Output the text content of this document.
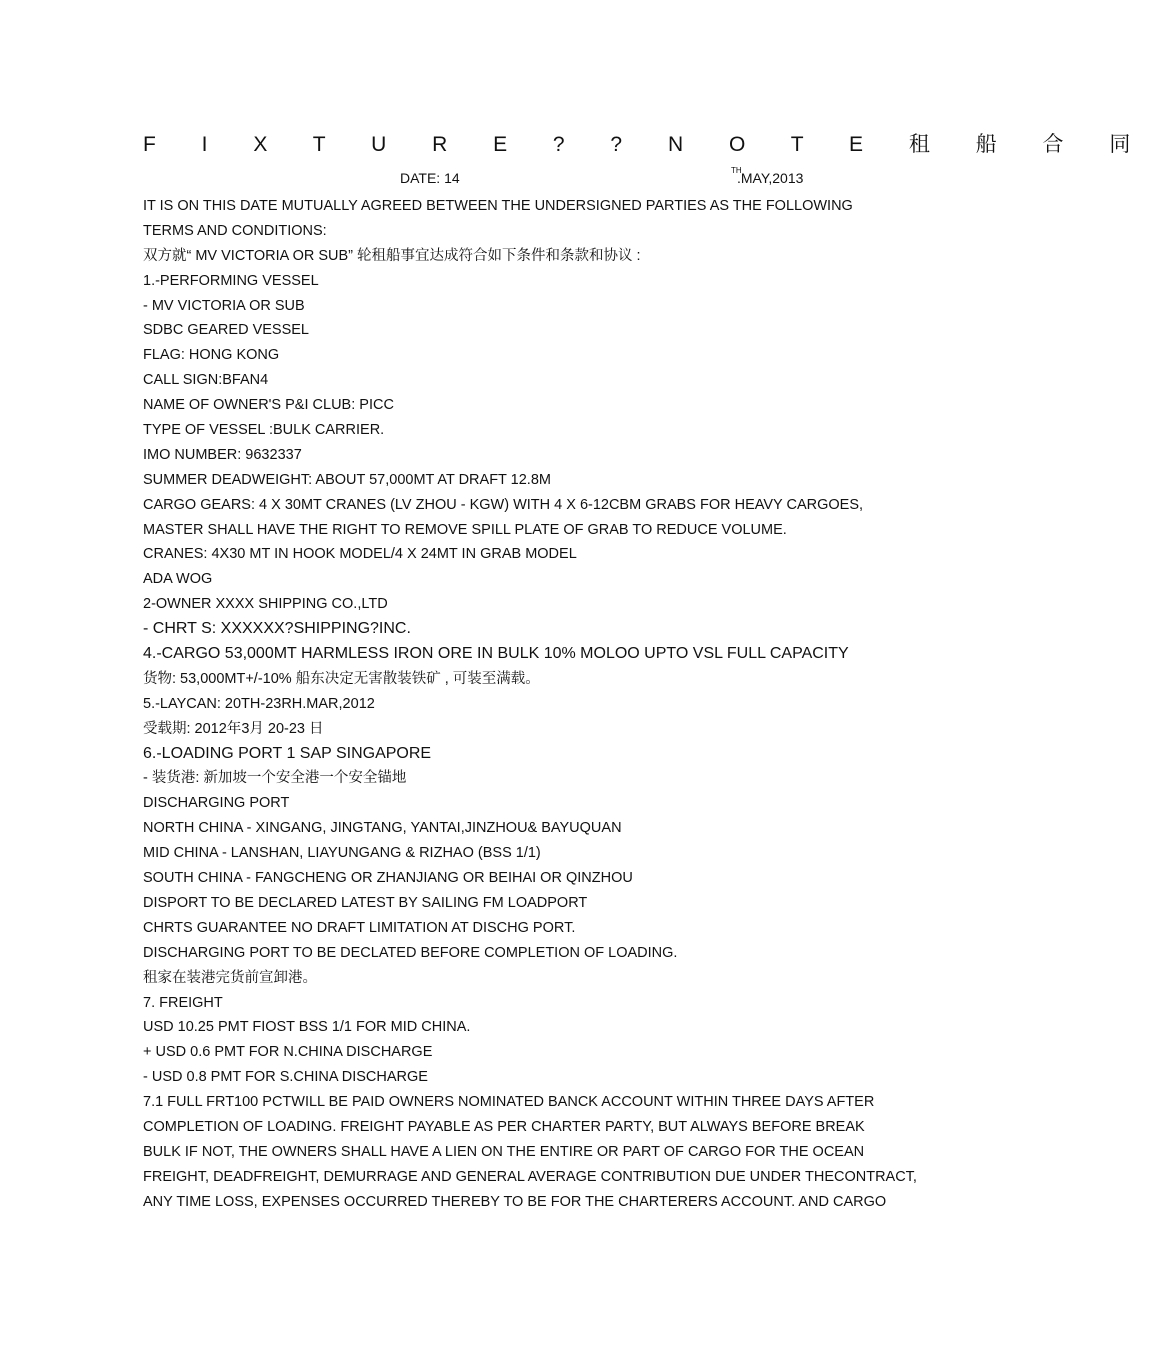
F I X T U R E ? ? N O T E 租 船 合 同
DATE: 14	TH
.MAY,2013
IT IS ON THIS DATE MUTUALLY AGREED BETWEEN THE UNDERSIGNED PARTIES AS THE FOLLOWING
TERMS AND CONDITIONS:
双方就“ MV VICTORIA OR SUB” 轮租船事宜达成符合如下条件和条款和协议 :
1.-PERFORMING VESSEL
- MV VICTORIA OR SUB
SDBC GEARED VESSEL
FLAG: HONG KONG
CALL SIGN:BFAN4
NAME OF OWNER'S P&I CLUB: PICC
TYPE OF VESSEL :BULK CARRIER.
IMO NUMBER: 9632337
SUMMER DEADWEIGHT: ABOUT 57,000MT AT DRAFT 12.8M
CARGO GEARS: 4 X 30MT CRANES (LV ZHOU - KGW) WITH 4 X 6-12CBM GRABS FOR HEAVY CARGOES,
MASTER SHALL HAVE THE RIGHT TO REMOVE SPILL PLATE OF GRAB TO REDUCE VOLUME.
CRANES: 4X30 MT IN HOOK MODEL/4 X 24MT IN GRAB MODEL
ADA WOG
2-OWNER XXXX SHIPPING CO.,LTD
- CHRT S: XXXXXX?SHIPPING?INC.
4.-CARGO 53,000MT HARMLESS IRON ORE IN BULK 10% MOLOO UPTO VSL FULL CAPACITY
货物: 53,000MT+/-10% 船东决定无害散装铁矿 , 可装至满载。
5.-LAYCAN: 20TH-23RH.MAR,2012
受载期: 2012年3月 20-23 日
6.-LOADING PORT 1 SAP SINGAPORE
- 装货港: 新加坡一个安全港一个安全锚地
DISCHARGING PORT
NORTH CHINA - XINGANG, JINGTANG, YANTAI,JINZHOU& BAYUQUAN
MID CHINA - LANSHAN, LIAYUNGANG & RIZHAO (BSS 1/1)
SOUTH CHINA - FANGCHENG OR ZHANJIANG OR BEIHAI OR QINZHOU
DISPORT TO BE DECLARED LATEST BY SAILING FM LOADPORT
CHRTS GUARANTEE NO DRAFT LIMITATION AT DISCHG PORT.
DISCHARGING PORT TO BE DECLATED BEFORE COMPLETION OF LOADING.
租家在装港完货前宣卸港。
7. FREIGHT
USD 10.25 PMT FIOST BSS 1/1 FOR MID CHINA.
+ USD 0.6 PMT FOR N.CHINA DISCHARGE
- USD 0.8 PMT FOR S.CHINA DISCHARGE
7.1 FULL FRT100 PCTWILL BE PAID OWNERS NOMINATED BANCK ACCOUNT WITHIN THREE DAYS AFTER
COMPLETION OF LOADING. FREIGHT PAYABLE AS PER CHARTER PARTY, BUT ALWAYS BEFORE BREAK
BULK IF NOT, THE OWNERS SHALL HAVE A LIEN ON THE ENTIRE OR PART OF CARGO FOR THE OCEAN
FREIGHT, DEADFREIGHT, DEMURRAGE AND GENERAL AVERAGE CONTRIBUTION DUE UNDER THECONTRACT,
ANY TIME LOSS, EXPENSES OCCURRED THEREBY TO BE FOR THE CHARTERERS ACCOUNT. AND CARGO
